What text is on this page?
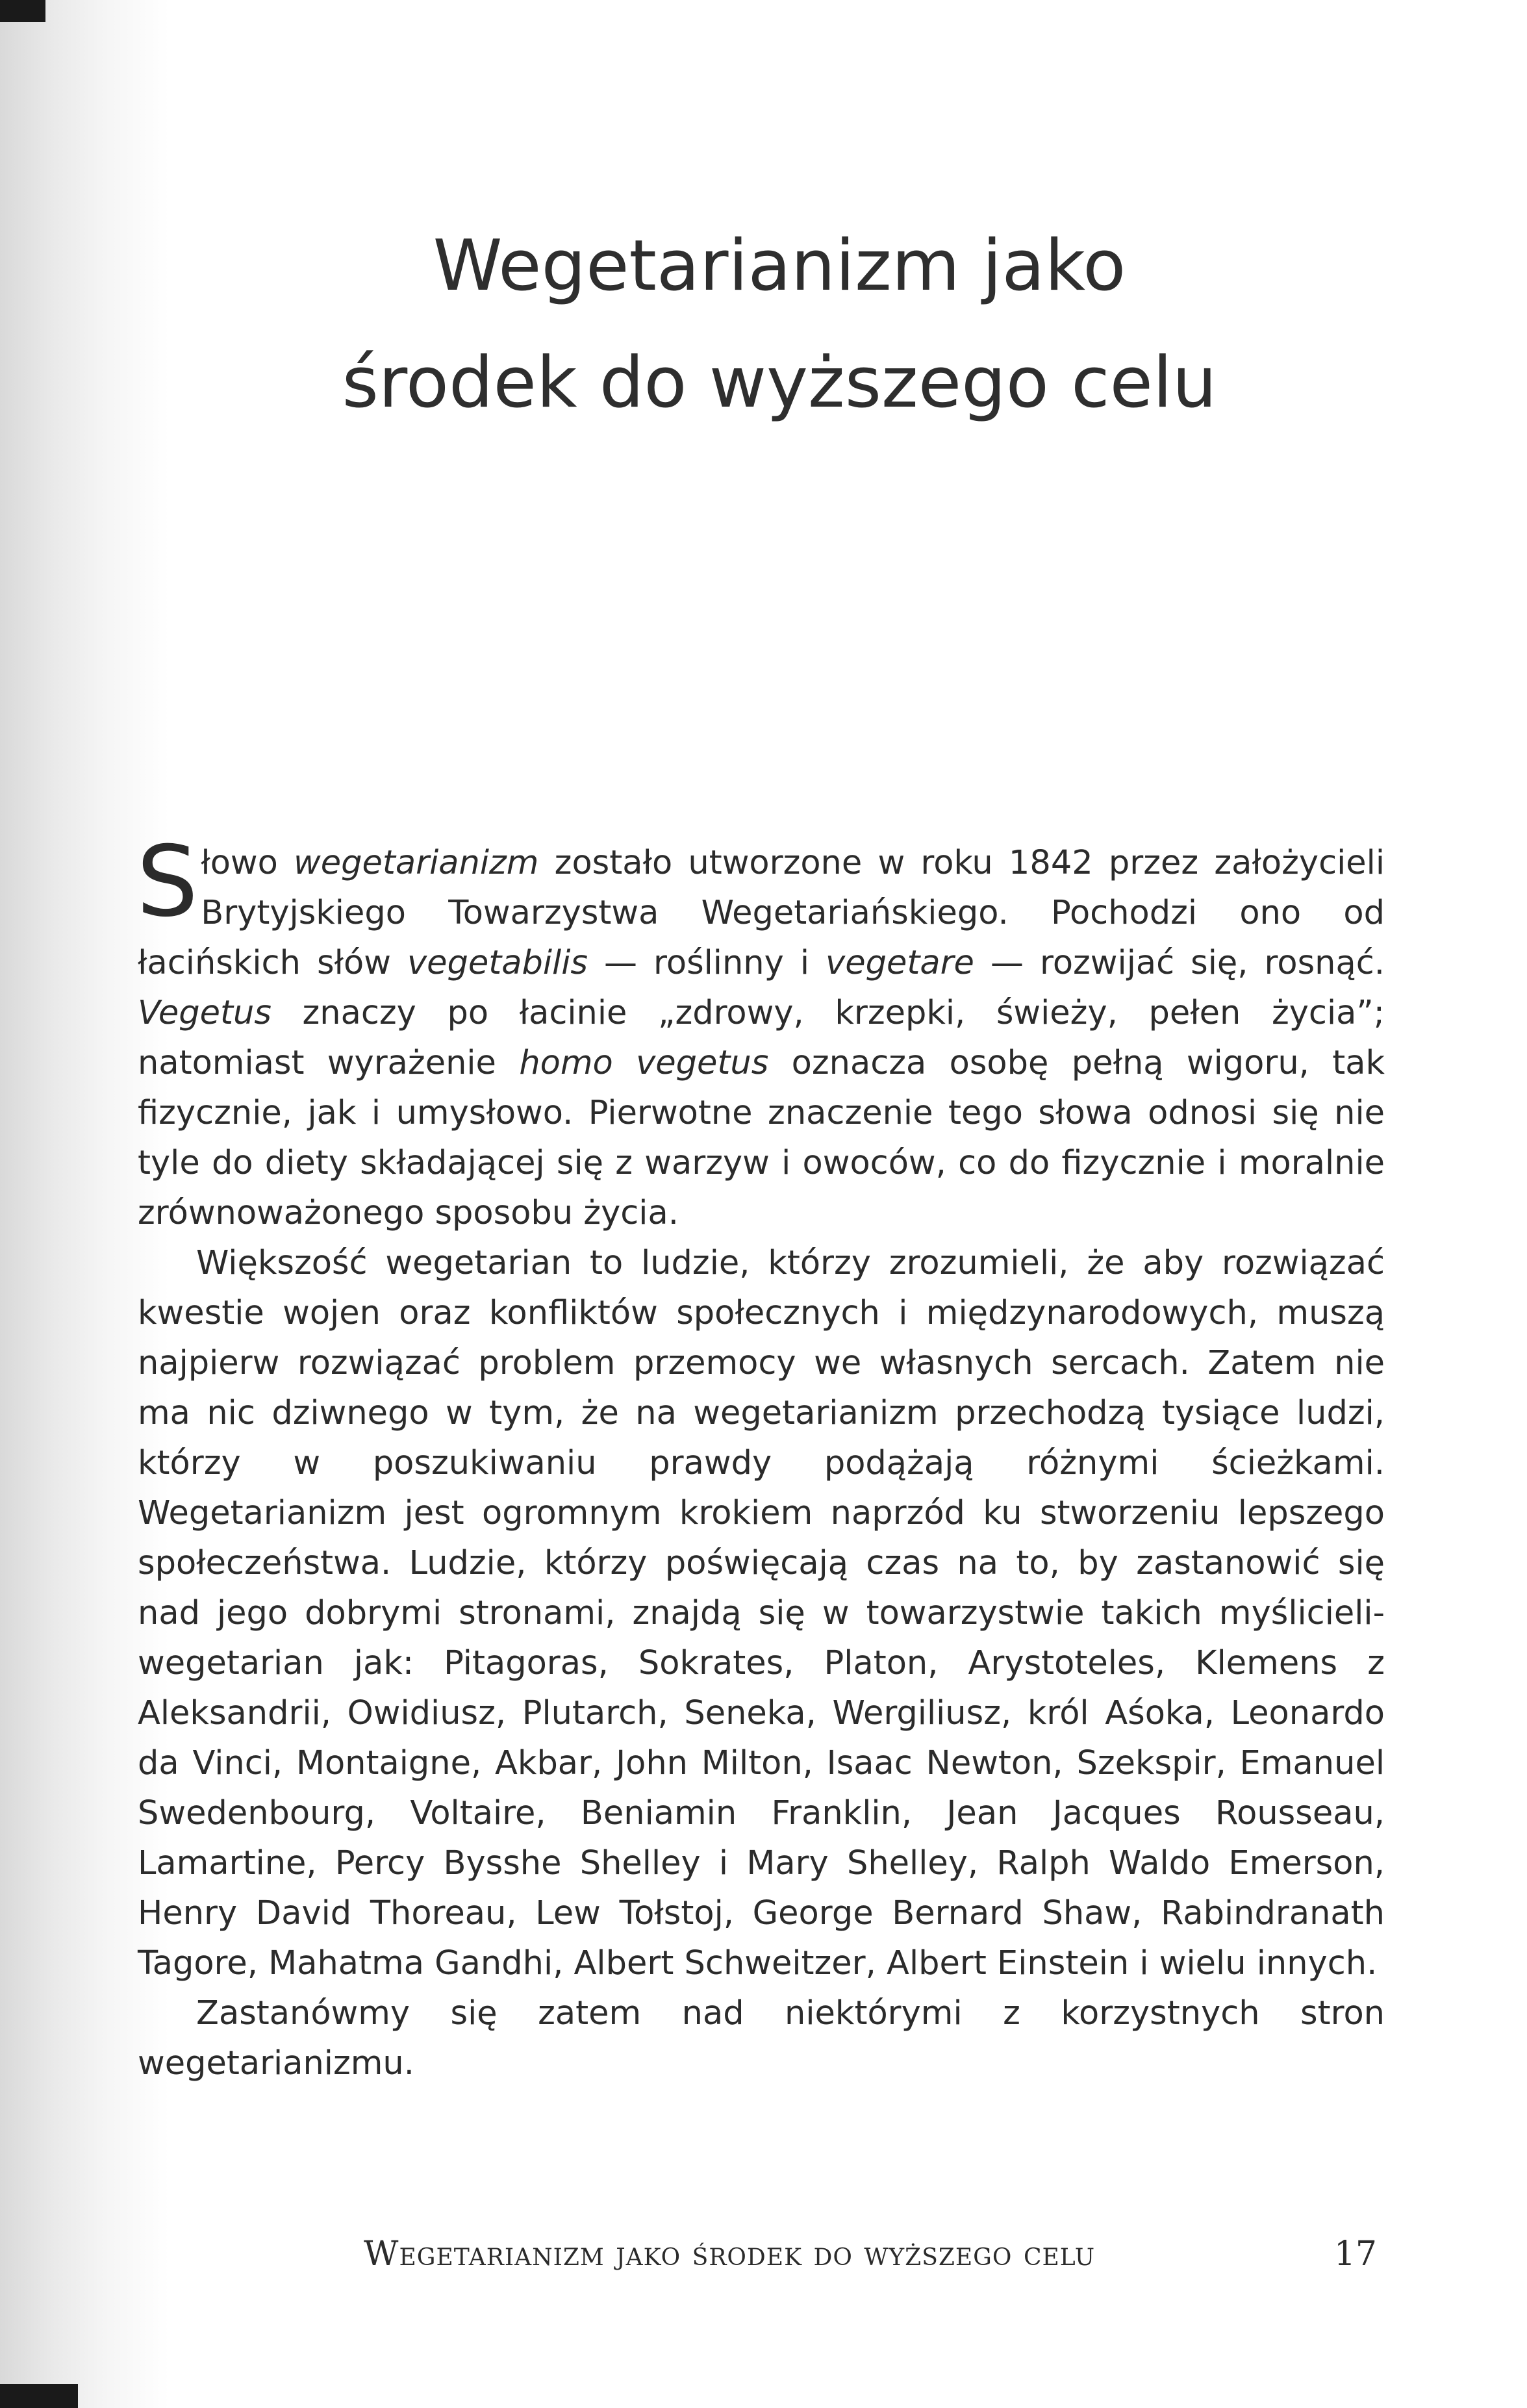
Wegetarianizm jako
środek do wyższego celu

Słowo wegetarianizm zostało utworzone w roku 1842 przez założycieli Brytyjskiego Towarzystwa Wegetariańskiego. Pochodzi ono od łacińskich słów vegetabilis — roślinny i vegetare — rozwijać się, rosnąć. Vegetus znaczy po łacinie „zdrowy, krzepki, świeży, pełen życia”; natomiast wyrażenie homo vegetus oznacza osobę pełną wigoru, tak fizycznie, jak i umysłowo. Pierwotne znaczenie tego słowa odnosi się nie tyle do diety składającej się z warzyw i owoców, co do fizycznie i moralnie zrównoważonego sposobu życia.

Większość wegetarian to ludzie, którzy zrozumieli, że aby rozwiązać kwestie wojen oraz konfliktów społecznych i międzynarodowych, muszą najpierw rozwiązać problem przemocy we własnych sercach. Zatem nie ma nic dziwnego w tym, że na wegetarianizm przechodzą tysiące ludzi, którzy w poszukiwaniu prawdy podążają różnymi ścieżkami. Wegetarianizm jest ogromnym krokiem naprzód ku stworzeniu lepszego społeczeństwa. Ludzie, którzy poświęcają czas na to, by zastanowić się nad jego dobrymi stronami, znajdą się w towarzystwie takich myślicieli-wegetarian jak: Pitagoras, Sokrates, Platon, Arystoteles, Klemens z Aleksandrii, Owidiusz, Plutarch, Seneka, Wergiliusz, król Aśoka, Leonardo da Vinci, Montaigne, Akbar, John Milton, Isaac Newton, Szekspir, Emanuel Swedenbourg, Voltaire, Beniamin Franklin, Jean Jacques Rousseau, Lamartine, Percy Bysshe Shelley i Mary Shelley, Ralph Waldo Emerson, Henry David Thoreau, Lew Tołstoj, George Bernard Shaw, Rabindranath Tagore, Mahatma Gandhi, Albert Schweitzer, Albert Einstein i wielu innych.

Zastanówmy się zatem nad niektórymi z korzystnych stron wegetarianizmu.

Wegetarianizm jako środek do wyższego celu	17
